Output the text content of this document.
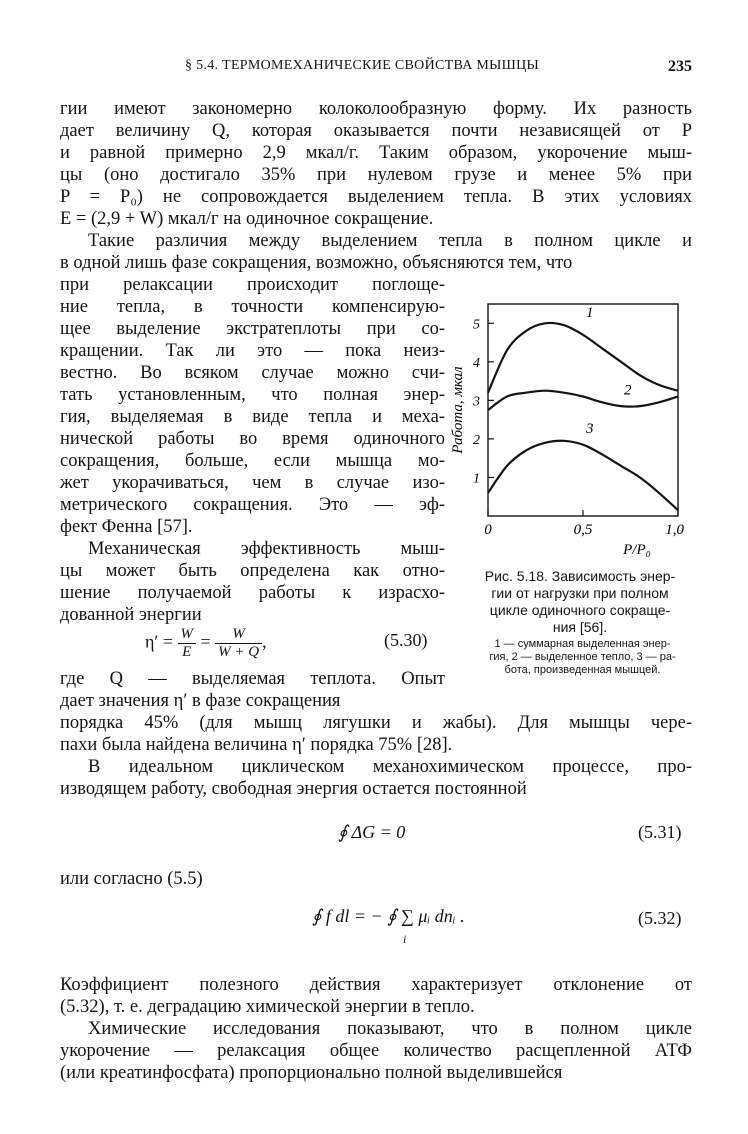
§ 5.4. ТЕРМОМЕХАНИЧЕСКИЕ СВОЙСТВА МЫШЦЫ	235
гии имеют закономерно колоколообразную форму. Их разность
дает величину Q, которая оказывается почти независящей от P
и равной примерно 2,9 мкал/г. Таким образом, укорочение мыш-
цы (оно достигало 35% при нулевом грузе и менее 5% при
P = P₀) не сопровождается выделением тепла. В этих условиях
E = (2,9 + W) мкал/г на одиночное сокращение.
Такие различия между выделением тепла в полном цикле и
в одной лишь фазе сокращения, возможно, объясняются тем, что
при релаксации происходит поглоще-
ние тепла, в точности компенсирую-
щее выделение экстратеплоты при со-
кращении. Так ли это — пока неиз-
вестно. Во всяком случае можно счи-
тать установленным, что полная энер-
гия, выделяемая в виде тепла и меха-
нической работы во время одиночного
сокращения, больше, если мышца мо-
жет укорачиваться, чем в случае изо-
метрического сокращения. Это — эф-
фект Фенна [57].
Механическая эффективность мыш-
цы может быть определена как отно-
шение получаемой работы к израсхо-
дованной энергии
где Q — выделяемая теплота. Опыт
дает значения η′ в фазе сокращения
порядка 45% (для мышц лягушки и жабы). Для мышцы чере-
пахи была найдена величина η′ порядка 75% [28].
В идеальном циклическом механохимическом процессе, про-
изводящем работу, свободная энергия остается постоянной
Коэффициент полезного действия характеризует отклонение от
(5.32), т. е. деградацию химической энергии в тепло.
Химические исследования показывают, что в полном цикле
укорочение — релаксация общее количество расщепленной АТФ
(или креатинфосфата) пропорционально полной выделившейся
$\eta' = \frac{W}{E} = \frac{W}{W + Q}$ ,	(5.30)
∮ ΔG = 0	(5.31)
или согласно (5.5)
∮ f dl = − ∮ ∑ μᵢ dnᵢ .
i
(5.32)
1
2
3
4
5
0	0,5	1,0
P/P₀
Работа, мкал
1
2
3
Рис. 5.18. Зависимость энер-
гии от нагрузки при полном
цикле одиночного сокраще-
ния [56].
1 — суммарная выделенная энер-
гия, 2 — выделенное тепло, 3 — ра-
бота, произведенная мышцей.
